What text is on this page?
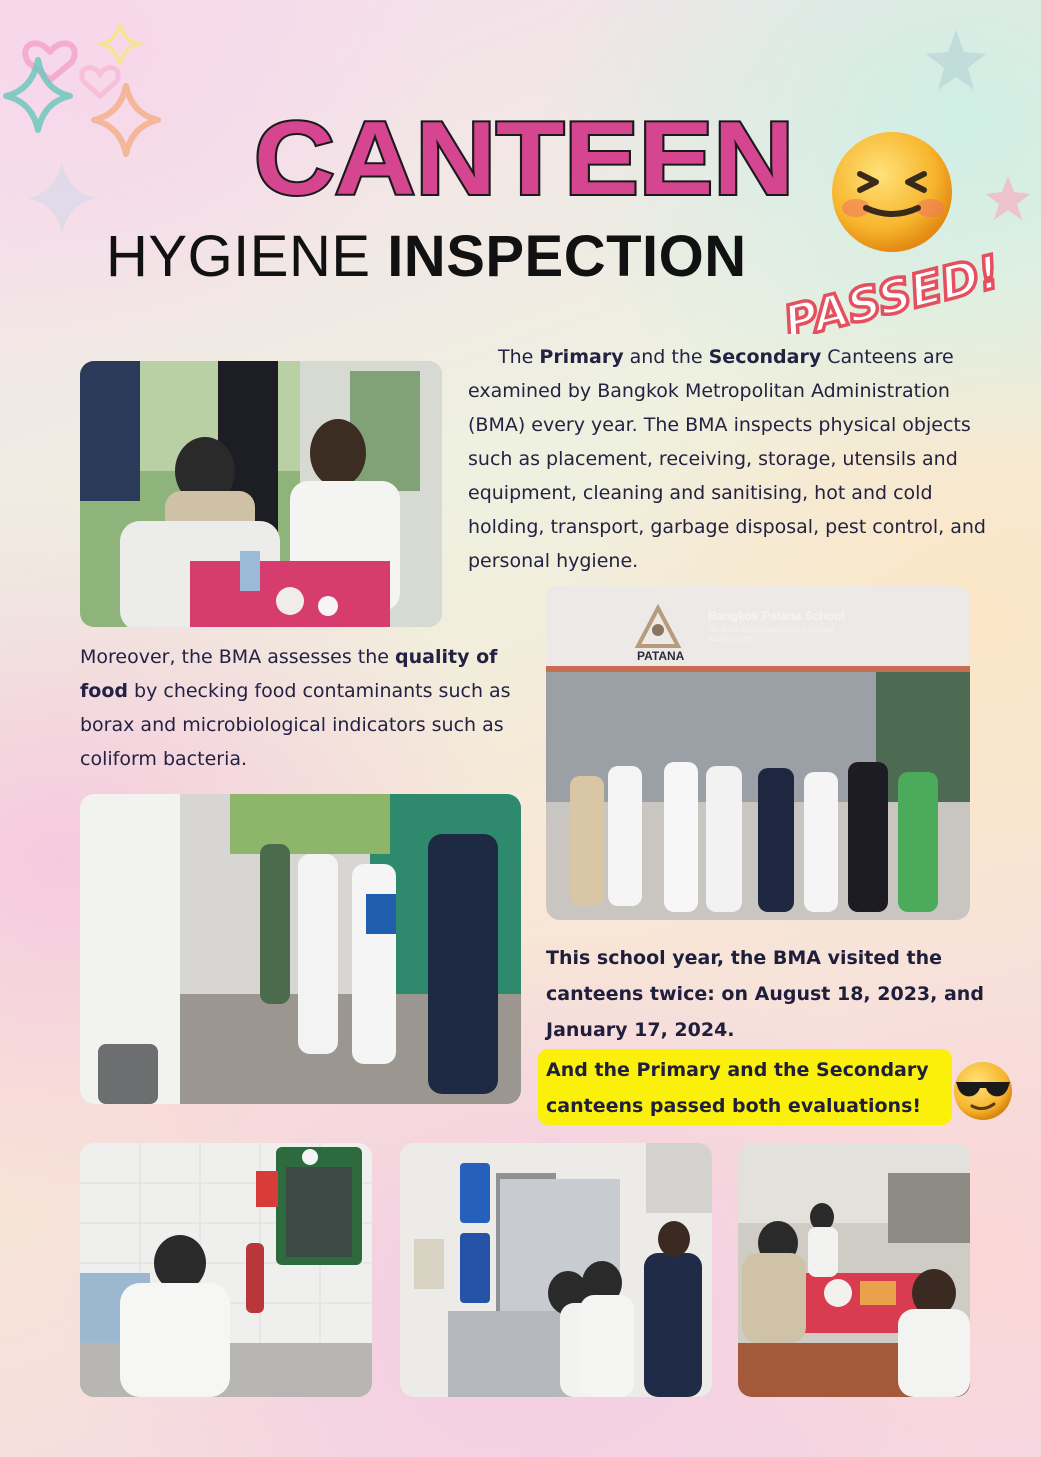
CANTEEN
HYGIENE INSPECTION PASSED!
The Primary and the Secondary Canteens are examined by Bangkok Metropolitan Administration (BMA) every year. The BMA inspects physical objects such as placement, receiving, storage, utensils and equipment, cleaning and sanitising, hot and cold holding, transport, garbage disposal, pest control, and personal hygiene.
Moreover, the BMA assesses the quality of food by checking food contaminants such as borax and microbiological indicators such as coliform bacteria.
PATANA
Bangkok Patana School
The British International School in Thailand
Established 1957
This school year, the BMA visited the canteens twice: on August 18, 2023, and January 17, 2024.
And the Primary and the Secondary canteens passed both evaluations!
